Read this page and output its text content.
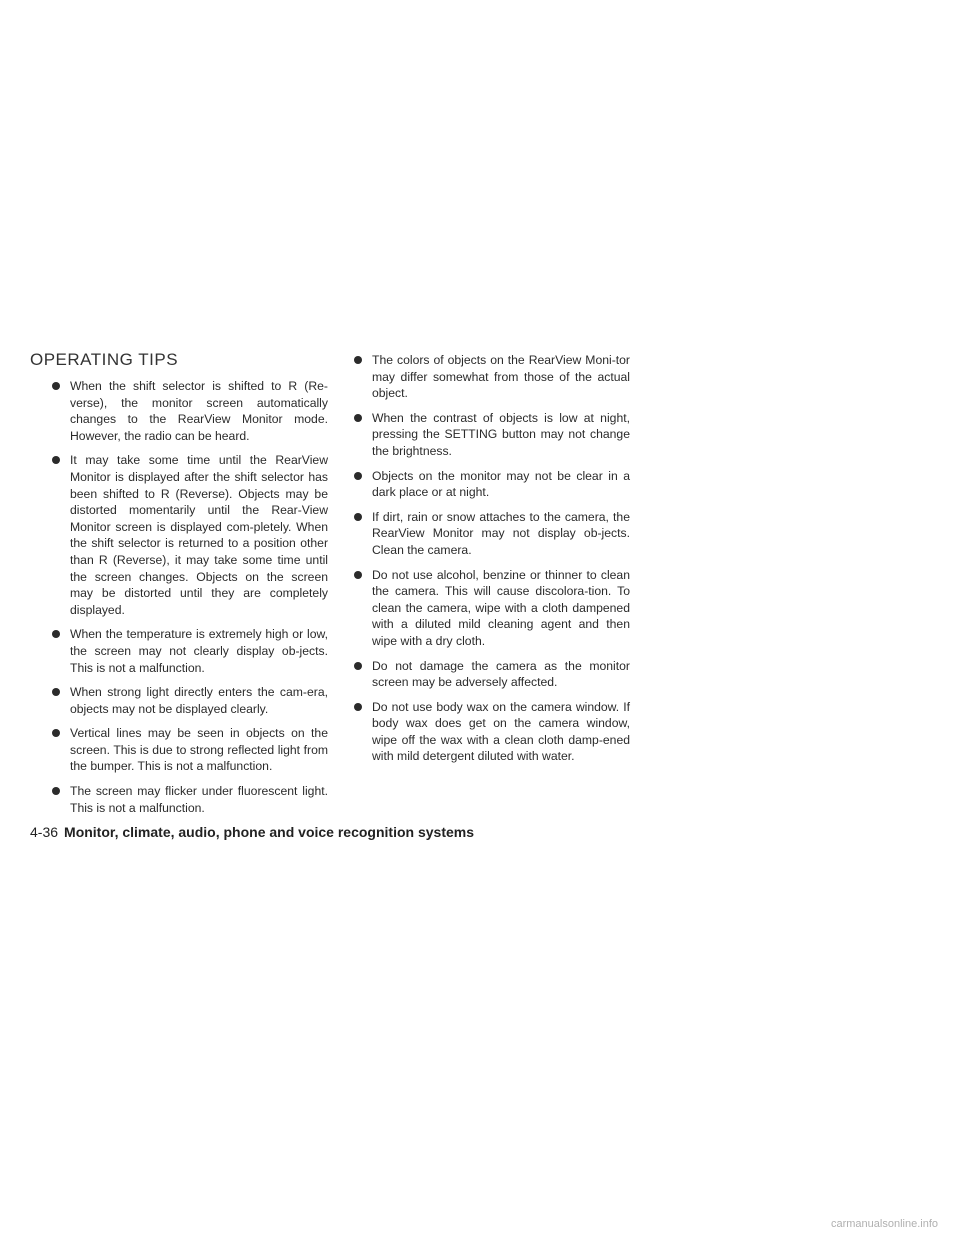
OPERATING TIPS
When the shift selector is shifted to R (Re-verse), the monitor screen automatically changes to the RearView Monitor mode. However, the radio can be heard.
It may take some time until the RearView Monitor is displayed after the shift selector has been shifted to R (Reverse). Objects may be distorted momentarily until the Rear-View Monitor screen is displayed com-pletely. When the shift selector is returned to a position other than R (Reverse), it may take some time until the screen changes. Objects on the screen may be distorted until they are completely displayed.
When the temperature is extremely high or low, the screen may not clearly display ob-jects. This is not a malfunction.
When strong light directly enters the cam-era, objects may not be displayed clearly.
Vertical lines may be seen in objects on the screen. This is due to strong reflected light from the bumper. This is not a malfunction.
The screen may flicker under fluorescent light. This is not a malfunction.
The colors of objects on the RearView Moni-tor may differ somewhat from those of the actual object.
When the contrast of objects is low at night, pressing the SETTING button may not change the brightness.
Objects on the monitor may not be clear in a dark place or at night.
If dirt, rain or snow attaches to the camera, the RearView Monitor may not display ob-jects. Clean the camera.
Do not use alcohol, benzine or thinner to clean the camera. This will cause discolora-tion. To clean the camera, wipe with a cloth dampened with a diluted mild cleaning agent and then wipe with a dry cloth.
Do not damage the camera as the monitor screen may be adversely affected.
Do not use body wax on the camera window. If body wax does get on the camera window, wipe off the wax with a clean cloth damp-ened with mild detergent diluted with water.
4-36 Monitor, climate, audio, phone and voice recognition systems
carmanualsonline.info
